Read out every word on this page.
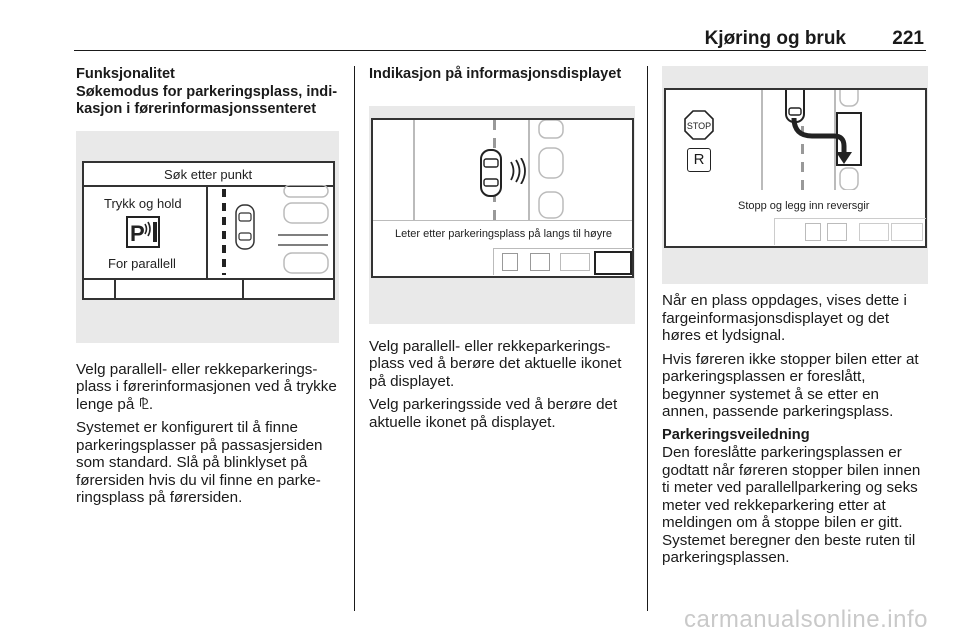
Kjøring og bruk 221
Funksjonalitet
Søkemodus for parkeringsplass, indi-kasjon i førerinformasjonssenteret
Søk etter punkt
Trykk og hold
P
For parallell

Velg parallell- eller rekkeparkerings-plass i førerinformasjonen ved å trykke lenge på ⅊.

Systemet er konfigurert til å finne parkeringsplasser på passasjersiden som standard. Slå på blinklyset på førersiden hvis du vil finne en parke-ringsplass på førersiden.

Indikasjon på informasjonsdisplayet
Leter etter parkeringsplass på langs til høyre

Velg parallell- eller rekkeparkerings-plass ved å berøre det aktuelle ikonet på displayet.

Velg parkeringsside ved å berøre det aktuelle ikonet på displayet.

STOP
R
Stopp og legg inn reversgir

Når en plass oppdages, vises dette i fargeinformasjonsdisplayet og det høres et lydsignal.

Hvis føreren ikke stopper bilen etter at parkeringsplassen er foreslått, begynner systemet å se etter en annen, passende parkeringsplass.

Parkeringsveiledning

Den foreslåtte parkeringsplassen er godtatt når føreren stopper bilen innen ti meter ved parallellparkering og seks meter ved rekkeparkering etter at meldingen om å stoppe bilen er gitt. Systemet beregner den beste ruten til parkeringsplassen.

carmanualsonline.info
